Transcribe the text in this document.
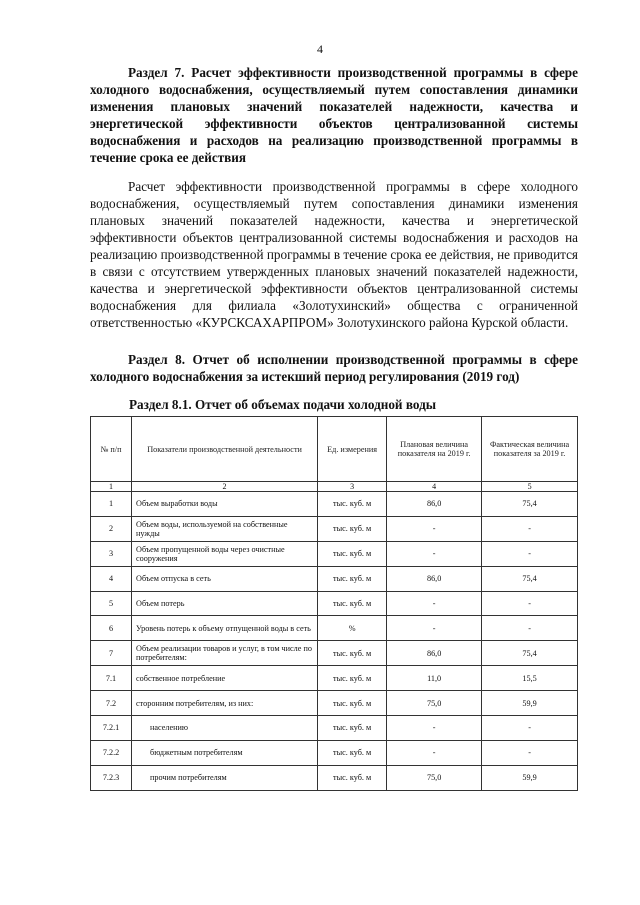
4
Раздел 7. Расчет эффективности производственной программы в сфере холодного водоснабжения, осуществляемый путем сопоставления динамики изменения плановых значений показателей надежности, качества и энергетической эффективности объектов централизованной системы водоснабжения и расходов на реализацию производственной программы в течение срока ее действия
Расчет эффективности производственной программы в сфере холодного водоснабжения, осуществляемый путем сопоставления динамики изменения плановых значений показателей надежности, качества и энергетической эффективности объектов централизованной системы водоснабжения и расходов на реализацию производственной программы в течение срока ее действия, не приводится в связи с отсутствием утвержденных плановых значений показателей надежности, качества и энергетической эффективности объектов централизованной системы водоснабжения для филиала «Золотухинский» общества с ограниченной ответственностью «КУРСКСАХАРПРОМ» Золотухинского района Курской области.
Раздел 8. Отчет об исполнении производственной программы в сфере холодного водоснабжения за истекший период регулирования (2019 год)
Раздел 8.1. Отчет об объемах подачи холодной воды
№ п/п	Показатели производственной деятельности	Ед. измерения	Плановая величина показателя на 2019 г.	Фактическая величина показателя за 2019 г.
1	2	3	4	5
1	Объем выработки воды	тыс. куб. м	86,0	75,4
2	Объем воды, используемой на собственные нужды	тыс. куб. м	-	-
3	Объем пропущенной воды через очистные сооружения	тыс. куб. м	-	-
4	Объем отпуска в сеть	тыс. куб. м	86,0	75,4
5	Объем потерь	тыс. куб. м	-	-
6	Уровень потерь к объему отпущенной воды в сеть	%	-	-
7	Объем реализации товаров и услуг, в том числе по потребителям:	тыс. куб. м	86,0	75,4
7.1	собственное потребление	тыс. куб. м	11,0	15,5
7.2	сторонним потребителям, из них:	тыс. куб. м	75,0	59,9
7.2.1	населению	тыс. куб. м	-	-
7.2.2	бюджетным потребителям	тыс. куб. м	-	-
7.2.3	прочим потребителям	тыс. куб. м	75,0	59,9
